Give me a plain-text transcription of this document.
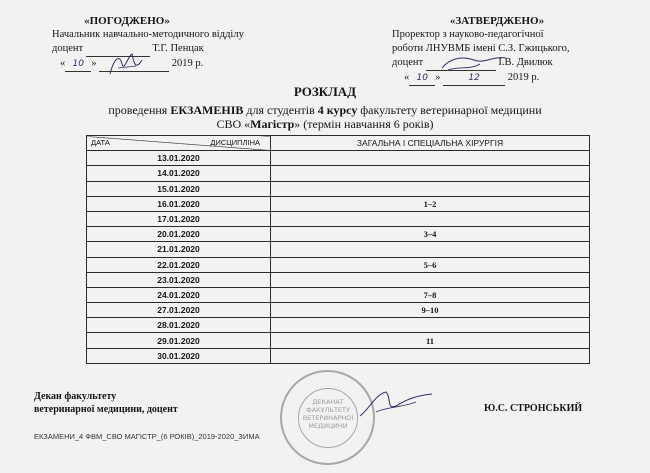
«ПОГОДЖЕНО»
Начальник навчально-методичного відділу
доцент	Т.Г. Пенцак
« 10 »	2019 р.
«ЗАТВЕРДЖЕНО»
Проректор з науково-педагогічної
роботи ЛНУВМБ імені С.З. Гжицького,
доцент	І.В. Двилюк
« 10 »	12	2019 р.
РОЗКЛАД
проведення ЕКЗАМЕНІВ для студентів 4 курсу факультету ветеринарної медицини
СВО «Магістр» (термін навчання 6 років)
ДИСЦИПЛІНА
ДАТА	ЗАГАЛЬНА І СПЕЦІАЛЬНА ХІРУРГІЯ
13.01.2020	
14.01.2020	
15.01.2020	
16.01.2020	1–2
17.01.2020	
20.01.2020	3–4
21.01.2020	
22.01.2020	5–6
23.01.2020	
24.01.2020	7–8
27.01.2020	9–10
28.01.2020	
29.01.2020	11
30.01.2020	
ДЕКАНАТ
ФАКУЛЬТЕТУ
ВЕТЕРИНАРНОЇ
МЕДИЦИНИ
Декан факультету
ветеринарної медицини, доцент	Ю.С. СТРОНСЬКИЙ
ЕКЗАМЕНИ_4 ФВМ_СВО МАГІСТР_(6 РОКІВ)_2019-2020_ЗИМА
